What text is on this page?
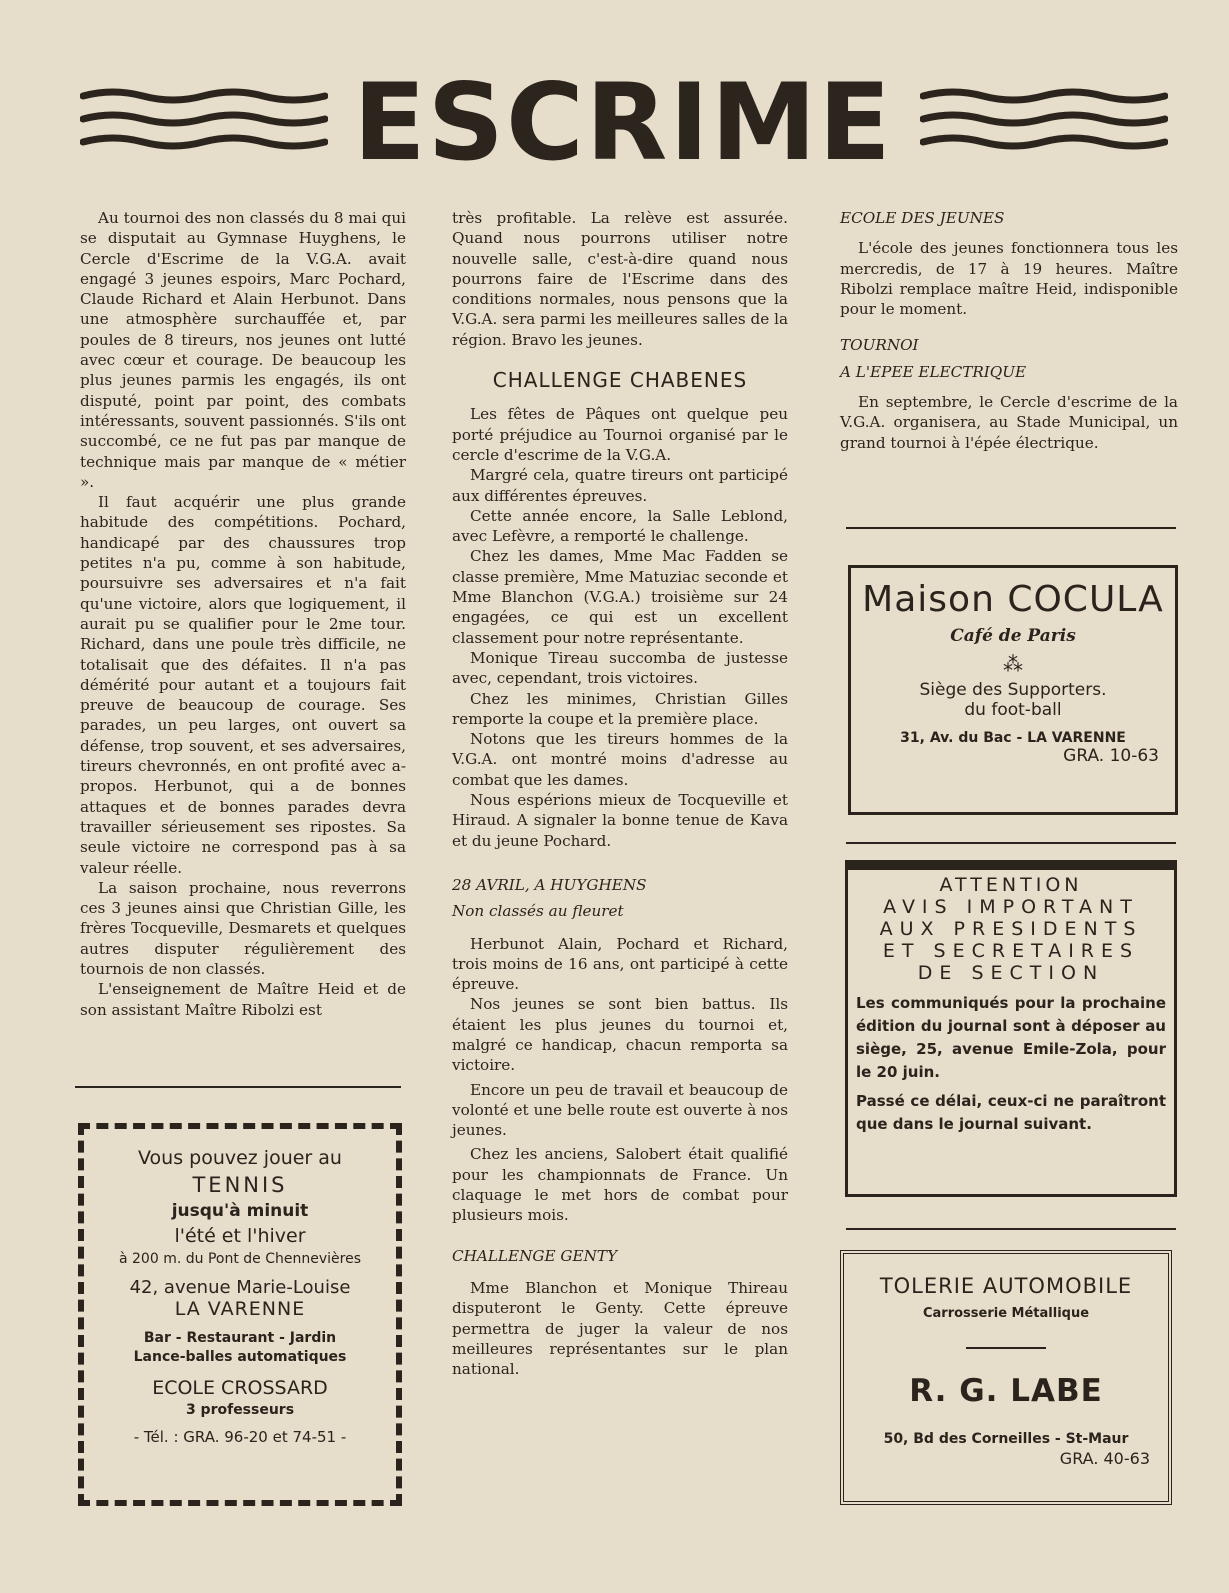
ESCRIME

Au tournoi des non classés du 8 mai qui se disputait au Gymnase Huyghens, le Cercle d'Escrime de la V.G.A. avait engagé 3 jeunes espoirs, Marc Pochard, Claude Richard et Alain Herbunot. Dans une atmosphère surchauffée et, par poules de 8 tireurs, nos jeunes ont lutté avec cœur et courage. De beaucoup les plus jeunes parmis les engagés, ils ont disputé, point par point, des combats intéressants, souvent passionnés. S'ils ont succombé, ce ne fut pas par manque de technique mais par manque de « métier ».

Il faut acquérir une plus grande habitude des compétitions. Pochard, handicapé par des chaussures trop petites n'a pu, comme à son habitude, poursuivre ses adversaires et n'a fait qu'une victoire, alors que logiquement, il aurait pu se qualifier pour le 2me tour. Richard, dans une poule très difficile, ne totalisait que des défaites. Il n'a pas démérité pour autant et a toujours fait preuve de beaucoup de courage. Ses parades, un peu larges, ont ouvert sa défense, trop souvent, et ses adversaires, tireurs chevronnés, en ont profité avec a-propos. Herbunot, qui a de bonnes attaques et de bonnes parades devra travailler sérieusement ses ripostes. Sa seule victoire ne correspond pas à sa valeur réelle.

La saison prochaine, nous reverrons ces 3 jeunes ainsi que Christian Gille, les frères Tocqueville, Desmarets et quelques autres disputer régulièrement des tournois de non classés.

L'enseignement de Maître Heid et de son assistant Maître Ribolzi est

très profitable. La relève est assurée. Quand nous pourrons utiliser notre nouvelle salle, c'est-à-dire quand nous pourrons faire de l'Escrime dans des conditions normales, nous pensons que la V.G.A. sera parmi les meilleures salles de la région. Bravo les jeunes.

CHALLENGE CHABENES

Les fêtes de Pâques ont quelque peu porté préjudice au Tournoi organisé par le cercle d'escrime de la V.G.A.

Margré cela, quatre tireurs ont participé aux différentes épreuves.

Cette année encore, la Salle Leblond, avec Lefèvre, a remporté le challenge.

Chez les dames, Mme Mac Fadden se classe première, Mme Matuziac seconde et Mme Blanchon (V.G.A.) troisième sur 24 engagées, ce qui est un excellent classement pour notre représentante.

Monique Tireau succomba de justesse avec, cependant, trois victoires.

Chez les minimes, Christian Gilles remporte la coupe et la première place.

Notons que les tireurs hommes de la V.G.A. ont montré moins d'adresse au combat que les dames.

Nous espérions mieux de Tocqueville et Hiraud. A signaler la bonne tenue de Kava et du jeune Pochard.

28 AVRIL, A HUYGHENS

Non classés au fleuret

Herbunot Alain, Pochard et Richard, trois moins de 16 ans, ont participé à cette épreuve.

Nos jeunes se sont bien battus. Ils étaient les plus jeunes du tournoi et, malgré ce handicap, chacun remporta sa victoire.

Encore un peu de travail et beaucoup de volonté et une belle route est ouverte à nos jeunes.

Chez les anciens, Salobert était qualifié pour les championnats de France. Un claquage le met hors de combat pour plusieurs mois.

CHALLENGE GENTY

Mme Blanchon et Monique Thireau disputeront le Genty. Cette épreuve permettra de juger la valeur de nos meilleures représentantes sur le plan national.

ECOLE DES JEUNES

L'école des jeunes fonctionnera tous les mercredis, de 17 à 19 heures. Maître Ribolzi remplace maître Heid, indisponible pour le moment.

TOURNOI

A L'EPEE ELECTRIQUE

En septembre, le Cercle d'escrime de la V.G.A. organisera, au Stade Municipal, un grand tournoi à l'épée électrique.

Vous pouvez jouer au
TENNIS
jusqu'à minuit
l'été et l'hiver
à 200 m. du Pont de Chennevières
42, avenue Marie-Louise
LA VARENNE
Bar - Restaurant - Jardin
Lance-balles automatiques
ECOLE CROSSARD
3 professeurs
- Tél. : GRA. 96-20 et 74-51 -
Maison COCULA
Café de Paris
⁂
Siège des Supporters.
du foot-ball
31, Av. du Bac - LA VARENNE
GRA. 10-63
ATTENTION
AVIS IMPORTANT
AUX PRESIDENTS
ET SECRETAIRES
DE SECTION

Les communiqués pour la prochaine édition du journal sont à déposer au siège, 25, avenue Emile-Zola, pour le 20 juin.

Passé ce délai, ceux-ci ne paraîtront que dans le journal suivant.

TOLERIE AUTOMOBILE
Carrosserie Métallique
R. G. LABE
50, Bd des Corneilles - St-Maur
GRA. 40-63
